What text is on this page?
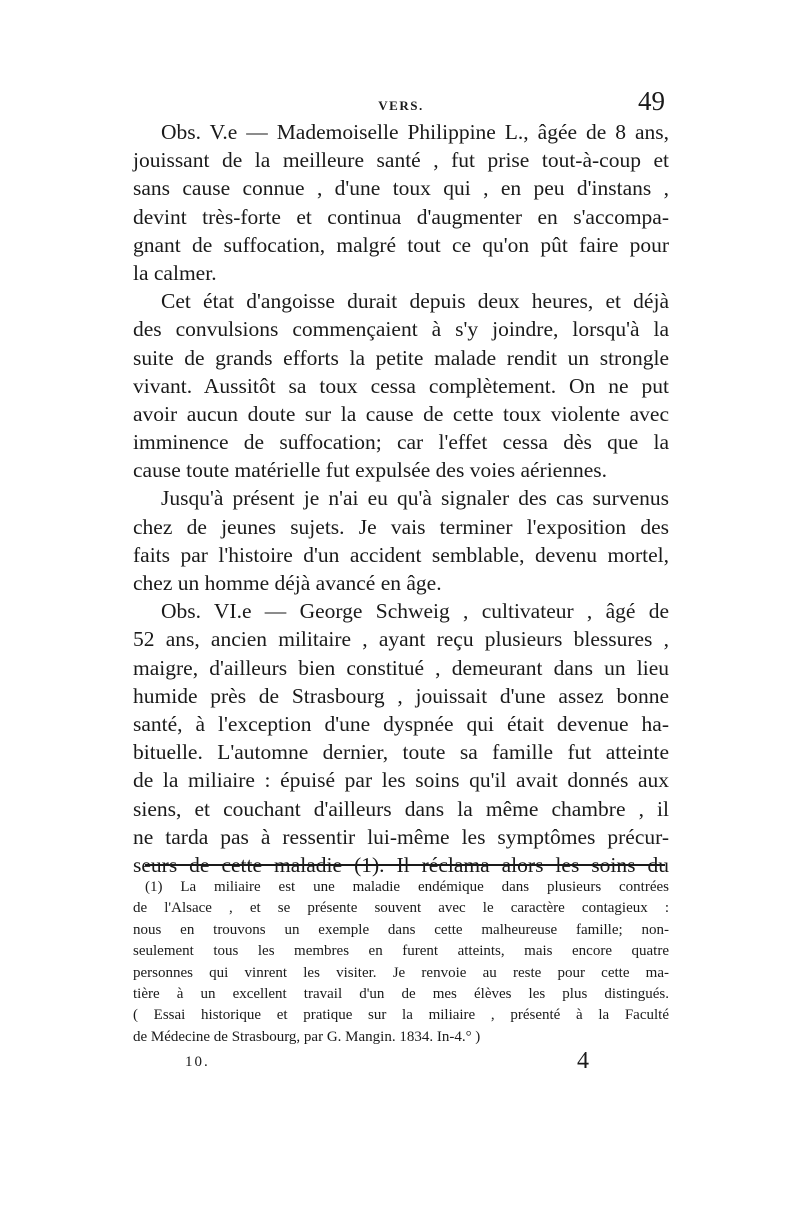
VERS.	49
Obs. V.e — Mademoiselle Philippine L., âgée de 8 ans,
jouissant de la meilleure santé , fut prise tout-à-coup et
sans cause connue , d'une toux qui , en peu d'instans ,
devint très-forte et continua d'augmenter en s'accompa-
gnant de suffocation, malgré tout ce qu'on pût faire pour
la calmer.
Cet état d'angoisse durait depuis deux heures, et déjà
des convulsions commençaient à s'y joindre, lorsqu'à la
suite de grands efforts la petite malade rendit un strongle
vivant. Aussitôt sa toux cessa complètement. On ne put
avoir aucun doute sur la cause de cette toux violente avec
imminence de suffocation; car l'effet cessa dès que la
cause toute matérielle fut expulsée des voies aériennes.
Jusqu'à présent je n'ai eu qu'à signaler des cas survenus
chez de jeunes sujets. Je vais terminer l'exposition des
faits par l'histoire d'un accident semblable, devenu mortel,
chez un homme déjà avancé en âge.
Obs. VI.e — George Schweig , cultivateur , âgé de
52 ans, ancien militaire , ayant reçu plusieurs blessures ,
maigre, d'ailleurs bien constitué , demeurant dans un lieu
humide près de Strasbourg , jouissait d'une assez bonne
santé, à l'exception d'une dyspnée qui était devenue ha-
bituelle. L'automne dernier, toute sa famille fut atteinte
de la miliaire : épuisé par les soins qu'il avait donnés aux
siens, et couchant d'ailleurs dans la même chambre , il
ne tarda pas à ressentir lui-même les symptômes précur-
seurs de cette maladie (1). Il réclama alors les soins du
(1) La miliaire est une maladie endémique dans plusieurs contrées
de l'Alsace , et se présente souvent avec le caractère contagieux :
nous en trouvons un exemple dans cette malheureuse famille; non-
seulement tous les membres en furent atteints, mais encore quatre
personnes qui vinrent les visiter. Je renvoie au reste pour cette ma-
tière à un excellent travail d'un de mes élèves les plus distingués.
( Essai historique et pratique sur la miliaire , présenté à la Faculté
de Médecine de Strasbourg, par G. Mangin. 1834. In-4.° )
10.	4
